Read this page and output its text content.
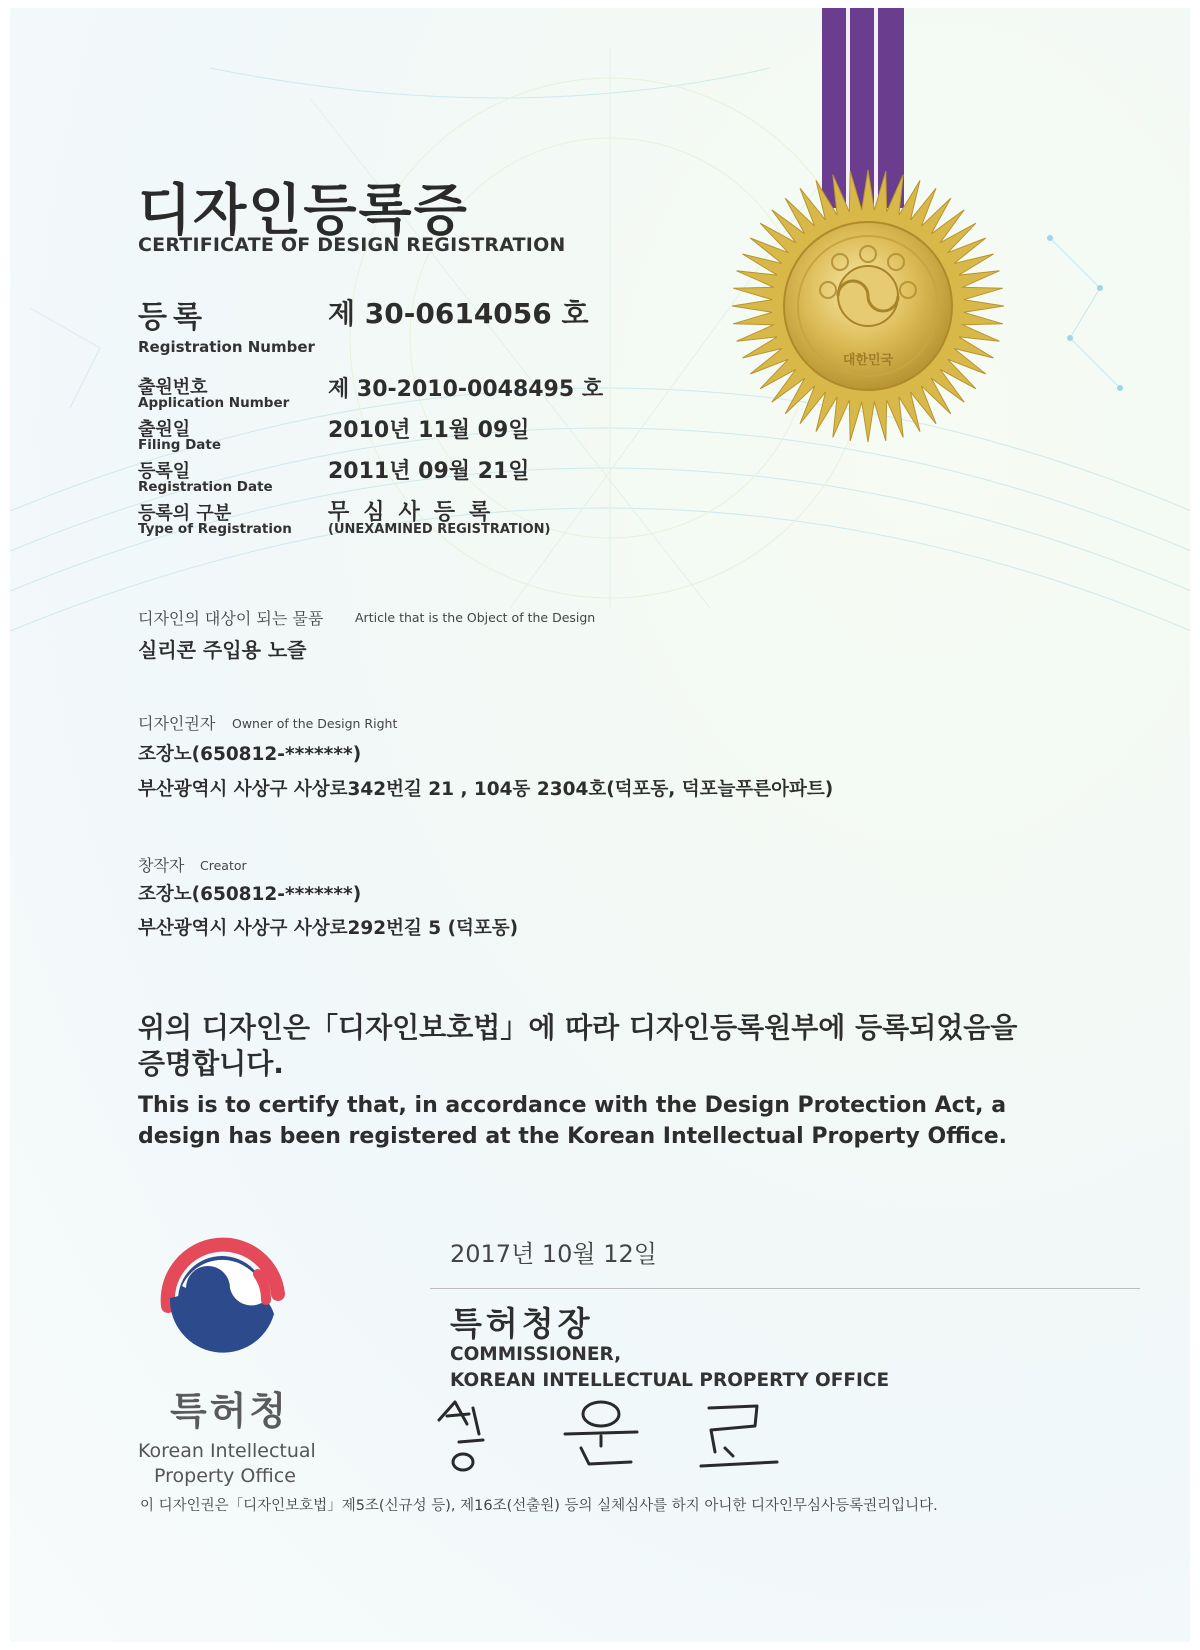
대한민국
디자인등록증
CERTIFICATE OF DESIGN REGISTRATION
등록
Registration Number
제 30-0614056 호
출원번호
Application Number
제 30-2010-0048495 호
출원일
Filing Date
2010년 11월 09일
등록일
Registration Date
2011년 09월 21일
등록의 구분
Type of Registration
무심사등록
(UNEXAMINED REGISTRATION)
디자인의 대상이 되는 물품	Article that is the Object of the Design
실리콘 주입용 노즐
디자인권자 Owner of the Design Right
조장노(650812-*******)
부산광역시 사상구 사상로342번길 21 , 104동 2304호(덕포동, 덕포늘푸른아파트)
창작자 Creator
조장노(650812-*******)
부산광역시 사상구 사상로292번길 5 (덕포동)
위의 디자인은「디자인보호법」에 따라 디자인등록원부에 등록되었음을 증명합니다.
This is to certify that, in accordance with the Design Protection Act, a design has been registered at the Korean Intellectual Property Office.
2017년 10월 12일
특허청장
COMMISSIONER,
KOREAN INTELLECTUAL PROPERTY OFFICE
특허청
Korean Intellectual
Property Office
이 디자인권은「디자인보호법」제5조(신규성 등), 제16조(선출원) 등의 실체심사를 하지 아니한 디자인무심사등록권리입니다.
